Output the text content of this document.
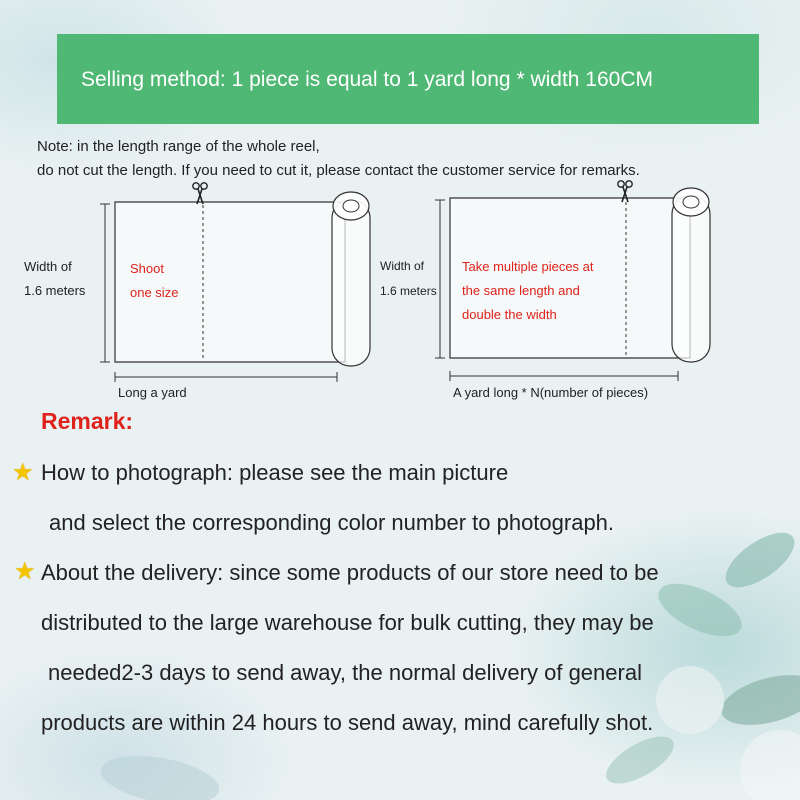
Selling method: 1 piece is equal to 1 yard long * width 160CM
Note: in the length range of the whole reel,
do not cut the length. If you need to cut it, please contact the customer service for remarks.
Width of
1.6 meters
Shoot
one size
Long a yard
Width of
1.6 meters
Take multiple pieces at
the same length and
double the width
A yard long * N(number of pieces)
Remark:
★ How to photograph: please see the main picture
and select the corresponding color number to photograph.
★ About the delivery: since some products of our store need to be
distributed to the large warehouse for bulk cutting, they may be
needed2-3 days to send away, the normal delivery of general
products are within 24 hours to send away, mind carefully shot.
